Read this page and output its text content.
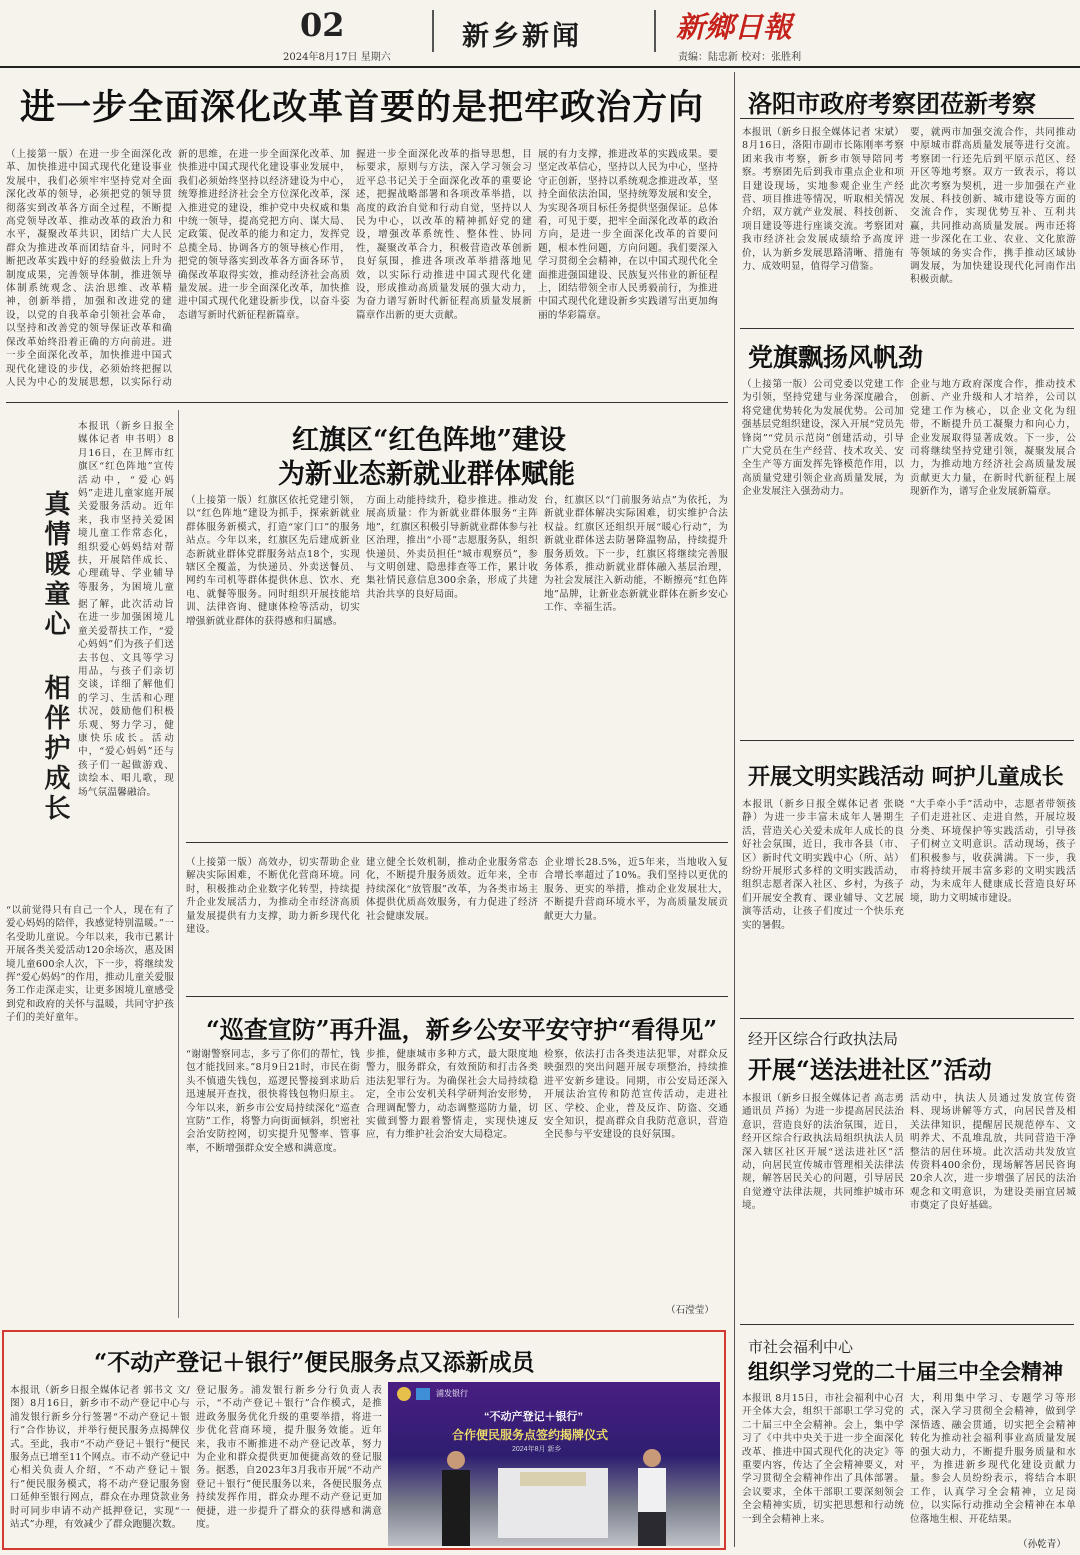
02
2024年8月17日 星期六
新乡新闻	新鄉日報
责编：陆忠新 校对：张胜利
进一步全面深化改革首要的是把牢政治方向
（上接第一版）在进一步全面深化改革、加快推进中国式现代化建设事业发展中，我们必须牢牢坚持党对全面深化改革的领导，必须把党的领导贯彻落实到改革各方面全过程，不断提高党领导改革、推动改革的政治力和水平，凝聚改革共识，团结广大人民群众为推进改革而团结奋斗，同时不断把改革实践中好的经验做法上升为制度成果，完善领导体制，推进领导体制系统观念、法治思维、改革精神，创新举措，加强和改进党的建设，以党的自我革命引领社会革命，以坚持和改善党的领导保证改革和确保改革始终沿着正确的方向前进。进一步全面深化改革，加快推进中国式现代化建设的步伐，必须始终把握以人民为中心的发展思想，以实际行动
新的思维，在进一步全面深化改革、加快推进中国式现代化建设事业发展中，我们必须始终坚持以经济建设为中心，统筹推进经济社会全方位深化改革，深入推进党的建设，维护党中央权威和集中统一领导，提高党把方向、谋大局、定政策、促改革的能力和定力，发挥党总揽全局、协调各方的领导核心作用，把党的领导落实到改革各方面各环节，确保改革取得实效，推动经济社会高质量发展。进一步全面深化改革，加快推进中国式现代化建设新步伐，以奋斗姿态谱写新时代新征程新篇章。
握进一步全面深化改革的指导思想，目标要求，原则与方法，深入学习领会习近平总书记关于全面深化改革的重要论述，把握战略部署和各项改革举措，以高度的政治自觉和行动自觉，坚持以人民为中心，以改革的精神抓好党的建设，增强改革系统性、整体性、协同性，凝聚改革合力，积极营造改革创新良好氛围，推进各项改革举措落地见效，以实际行动推进中国式现代化建设，形成推动高质量发展的强大动力，为奋力谱写新时代新征程高质量发展新篇章作出新的更大贡献。
展的有力支撑，推进改革的实践成果。要坚定改革信心，坚持以人民为中心，坚持守正创新，坚持以系统观念推进改革，坚持全面依法治国，坚持统筹发展和安全，为实现各项目标任务提供坚强保证。总体看，可见于要，把牢全面深化改革的政治方向，是进一步全面深化改革的首要问题，根本性问题，方向问题。我们要深入学习贯彻全会精神，在以中国式现代化全面推进强国建设、民族复兴伟业的新征程上，团结带领全市人民勇毅前行，为推进中国式现代化建设新乡实践谱写出更加绚丽的华彩篇章。
洛阳市政府考察团莅新考察
本报讯（新乡日报全媒体记者 宋斌）8月16日，洛阳市副市长陈刚率考察团来我市考察，新乡市领导陪同考察。考察团先后到我市重点企业和项目建设现场，实地参观企业生产经营、项目推进等情况，听取相关情况介绍，双方就产业发展、科技创新、项目建设等进行座谈交流。考察团对我市经济社会发展成绩给予高度评价，认为新乡发展思路清晰、措施有力、成效明显，值得学习借鉴。
要，就两市加强交流合作，共同推动中原城市群高质量发展等进行交流。考察团一行还先后到平原示范区、经开区等地考察。双方一致表示，将以此次考察为契机，进一步加强在产业发展、科技创新、城市建设等方面的交流合作，实现优势互补、互利共赢，共同推动高质量发展。两市还将进一步深化在工业、农业、文化旅游等领域的务实合作，携手推动区域协调发展，为加快建设现代化河南作出积极贡献。
党旗飘扬风帆劲
（上接第一版）公司党委以党建工作为引领，坚持党建与业务深度融合，将党建优势转化为发展优势。公司加强基层党组织建设，深入开展“党员先锋岗”“党员示范岗”创建活动，引导广大党员在生产经营、技术攻关、安全生产等方面发挥先锋模范作用，以高质量党建引领企业高质量发展，为企业发展注入强劲动力。
企业与地方政府深度合作，推动技术创新、产业升级和人才培养，公司以党建工作为核心，以企业文化为纽带，不断提升员工凝聚力和向心力，企业发展取得显著成效。下一步，公司将继续坚持党建引领，凝聚发展合力，为推动地方经济社会高质量发展贡献更大力量，在新时代新征程上展现新作为，谱写企业发展新篇章。
本报讯（新乡日报全媒体记者 申书明）8月16日，在卫辉市红旗区“红色阵地”宣传活动中，“爱心妈妈”走进儿童家庭开展关爱服务活动。近年来，我市坚持关爱困境儿童工作常态化，组织爱心妈妈结对帮扶，开展陪伴成长、心理疏导、学业辅导等服务，为困境儿童
真情暖童心 相伴护成长 据了解，此次活动旨在进一步加强困境儿童关爱帮扶工作，“爱心妈妈”们为孩子们送去书包、文具等学习用品，与孩子们亲切交谈，详细了解他们的学习、生活和心理状况，鼓励他们积极乐观、努力学习，健康快乐成长。活动中，“爱心妈妈”还与孩子们一起做游戏、读绘本、唱儿歌，现场气氛温馨融洽。
“以前觉得只有自己一个人，现在有了爱心妈妈的陪伴，我感觉特别温暖。”一名受助儿童说。今年以来，我市已累计开展各类关爱活动120余场次，惠及困境儿童600余人次，下一步，将继续发挥“爱心妈妈”的作用，推动儿童关爱服务工作走深走实，让更多困境儿童感受到党和政府的关怀与温暖，共同守护孩子们的美好童年。
红旗区“红色阵地”建设
为新业态新就业群体赋能
（上接第一版）红旗区依托党建引领，以“红色阵地”建设为抓手，探索新就业群体服务新模式，打造“家门口”的服务站点。今年以来，红旗区先后建成新业态新就业群体党群服务站点18个，实现辖区全覆盖，为快递员、外卖送餐员、网约车司机等群体提供休息、饮水、充电、就餐等服务。同时组织开展技能培训、法律咨询、健康体检等活动，切实增强新就业群体的获得感和归属感。
方面上动能持续升，稳步推进。推动发展高质量：作为新就业群体服务“主阵地”，红旗区积极引导新就业群体参与社区治理，推出“小哥”志愿服务队，组织快递员、外卖员担任“城市观察员”，参与文明创建、隐患排查等工作，累计收集社情民意信息300余条，形成了共建共治共享的良好局面。
台，红旗区以“门前服务站点”为依托，为新就业群体解决实际困难，切实维护合法权益。红旗区还组织开展“暖心行动”，为新就业群体送去防暑降温物品，持续提升服务质效。下一步，红旗区将继续完善服务体系，推动新就业群体融入基层治理，为社会发展注入新动能，不断擦亮“红色阵地”品牌，让新业态新就业群体在新乡安心工作、幸福生活。
（上接第一版）高效办，切实帮助企业解决实际困难，不断优化营商环境。同时，积极推动企业数字化转型，持续提升企业发展活力，为推动全市经济高质量发展提供有力支撑，助力新乡现代化建设。
建立健全长效机制，推动企业服务常态化，不断提升服务质效。近年来，全市持续深化“放管服”改革，为各类市场主体提供优质高效服务，有力促进了经济社会健康发展。
企业增长28.5%，近5年来，当地收入复合增长率超过了10%。我们坚持以更优的服务、更实的举措，推动企业发展壮大，不断提升营商环境水平，为高质量发展贡献更大力量。
开展文明实践活动 呵护儿童成长
本报讯（新乡日报全媒体记者 张晓静）为进一步丰富未成年人暑期生活，营造关心关爱未成年人成长的良好社会氛围，近日，我市各县（市、区）新时代文明实践中心（所、站）纷纷开展形式多样的文明实践活动，组织志愿者深入社区、乡村，为孩子们开展安全教育、课业辅导、文艺展演等活动，让孩子们度过一个快乐充实的暑假。
“大手牵小手”活动中，志愿者带领孩子们走进社区、走进自然，开展垃圾分类、环境保护等实践活动，引导孩子们树立文明意识。活动现场，孩子们积极参与，收获满满。下一步，我市将持续开展丰富多彩的文明实践活动，为未成年人健康成长营造良好环境，助力文明城市建设。
“巡查宣防”再升温，新乡公安平安守护“看得见”
“谢谢警察同志，多亏了你们的帮忙，钱包才能找回来。”8月9日21时，市民在街头不慎遗失钱包，巡逻民警接到求助后迅速展开查找，很快将钱包物归原主。今年以来，新乡市公安局持续深化“巡查宣防”工作，将警力向街面倾斜，织密社会治安防控网，切实提升见警率、管事率，不断增强群众安全感和满意度。
步推，健康城市多种方式，最大限度地警力，服务群众，有效预防和打击各类违法犯罪行为。为确保社会大局持续稳定，全市公安机关科学研判治安形势，合理调配警力，动态调整巡防力量，切实做到警力跟着警情走，实现快速反应，有力维护社会治安大局稳定。
检察，依法打击各类违法犯罪，对群众反映强烈的突出问题开展专项整治，持续推进平安新乡建设。同期，市公安局还深入开展法治宣传和防范宣传活动，走进社区、学校、企业，普及反诈、防盗、交通安全知识，提高群众自我防范意识，营造全民参与平安建设的良好氛围。
（石滢莹）
经开区综合行政执法局
开展“送法进社区”活动
本报讯（新乡日报全媒体记者 高志勇 通讯员 芦扬）为进一步提高居民法治意识，营造良好的法治氛围，近日，经开区综合行政执法局组织执法人员深入辖区社区开展“送法进社区”活动，向居民宣传城市管理相关法律法规，解答居民关心的问题，引导居民自觉遵守法律法规，共同维护城市环境。
活动中，执法人员通过发放宣传资料、现场讲解等方式，向居民普及相关法律知识，提醒居民规范停车、文明养犬、不乱堆乱放，共同营造干净整洁的居住环境。此次活动共发放宣传资料400余份，现场解答居民咨询20余人次，进一步增强了居民的法治观念和文明意识，为建设美丽宜居城市奠定了良好基础。
“不动产登记＋银行”便民服务点又添新成员
本报讯（新乡日报全媒体记者 郭书文 文/图）8月16日，新乡市不动产登记中心与浦发银行新乡分行签署“不动产登记＋银行”合作协议，并举行便民服务点揭牌仪式。至此，我市“不动产登记＋银行”便民服务点已增至11个网点。市不动产登记中心相关负责人介绍，“不动产登记＋银行”便民服务模式，将不动产登记服务窗口延伸至银行网点，群众在办理贷款业务时可同步申请不动产抵押登记，实现“一站式”办理，有效减少了群众跑腿次数。
登记服务。浦发银行新乡分行负责人表示，“不动产登记＋银行”合作模式，是推进政务服务优化升级的重要举措，将进一步优化营商环境，提升服务效能。近年来，我市不断推进不动产登记改革，努力为企业和群众提供更加便捷高效的登记服务。据悉，自2023年3月我市开展“不动产登记＋银行”便民服务以来，各便民服务点持续发挥作用，群众办理不动产登记更加便捷，进一步提升了群众的获得感和满意度。
浦发银行
“不动产登记＋银行”
合作便民服务点签约揭牌仪式
2024年8月 新乡
市社会福利中心
组织学习党的二十届三中全会精神
本报讯 8月15日，市社会福利中心召开全体大会，组织干部职工学习党的二十届三中全会精神。会上，集中学习了《中共中央关于进一步全面深化改革、推进中国式现代化的决定》等重要内容，传达了全会精神要义，对学习贯彻全会精神作出了具体部署。会议要求，全体干部职工要深刻领会全会精神实质，切实把思想和行动统一到全会精神上来。
大，利用集中学习、专题学习等形式，深入学习贯彻全会精神，做到学深悟透、融会贯通，切实把全会精神转化为推动社会福利事业高质量发展的强大动力，不断提升服务质量和水平，为推进新乡现代化建设贡献力量。参会人员纷纷表示，将结合本职工作，认真学习全会精神，立足岗位，以实际行动推动全会精神在本单位落地生根、开花结果。
（孙乾青）
